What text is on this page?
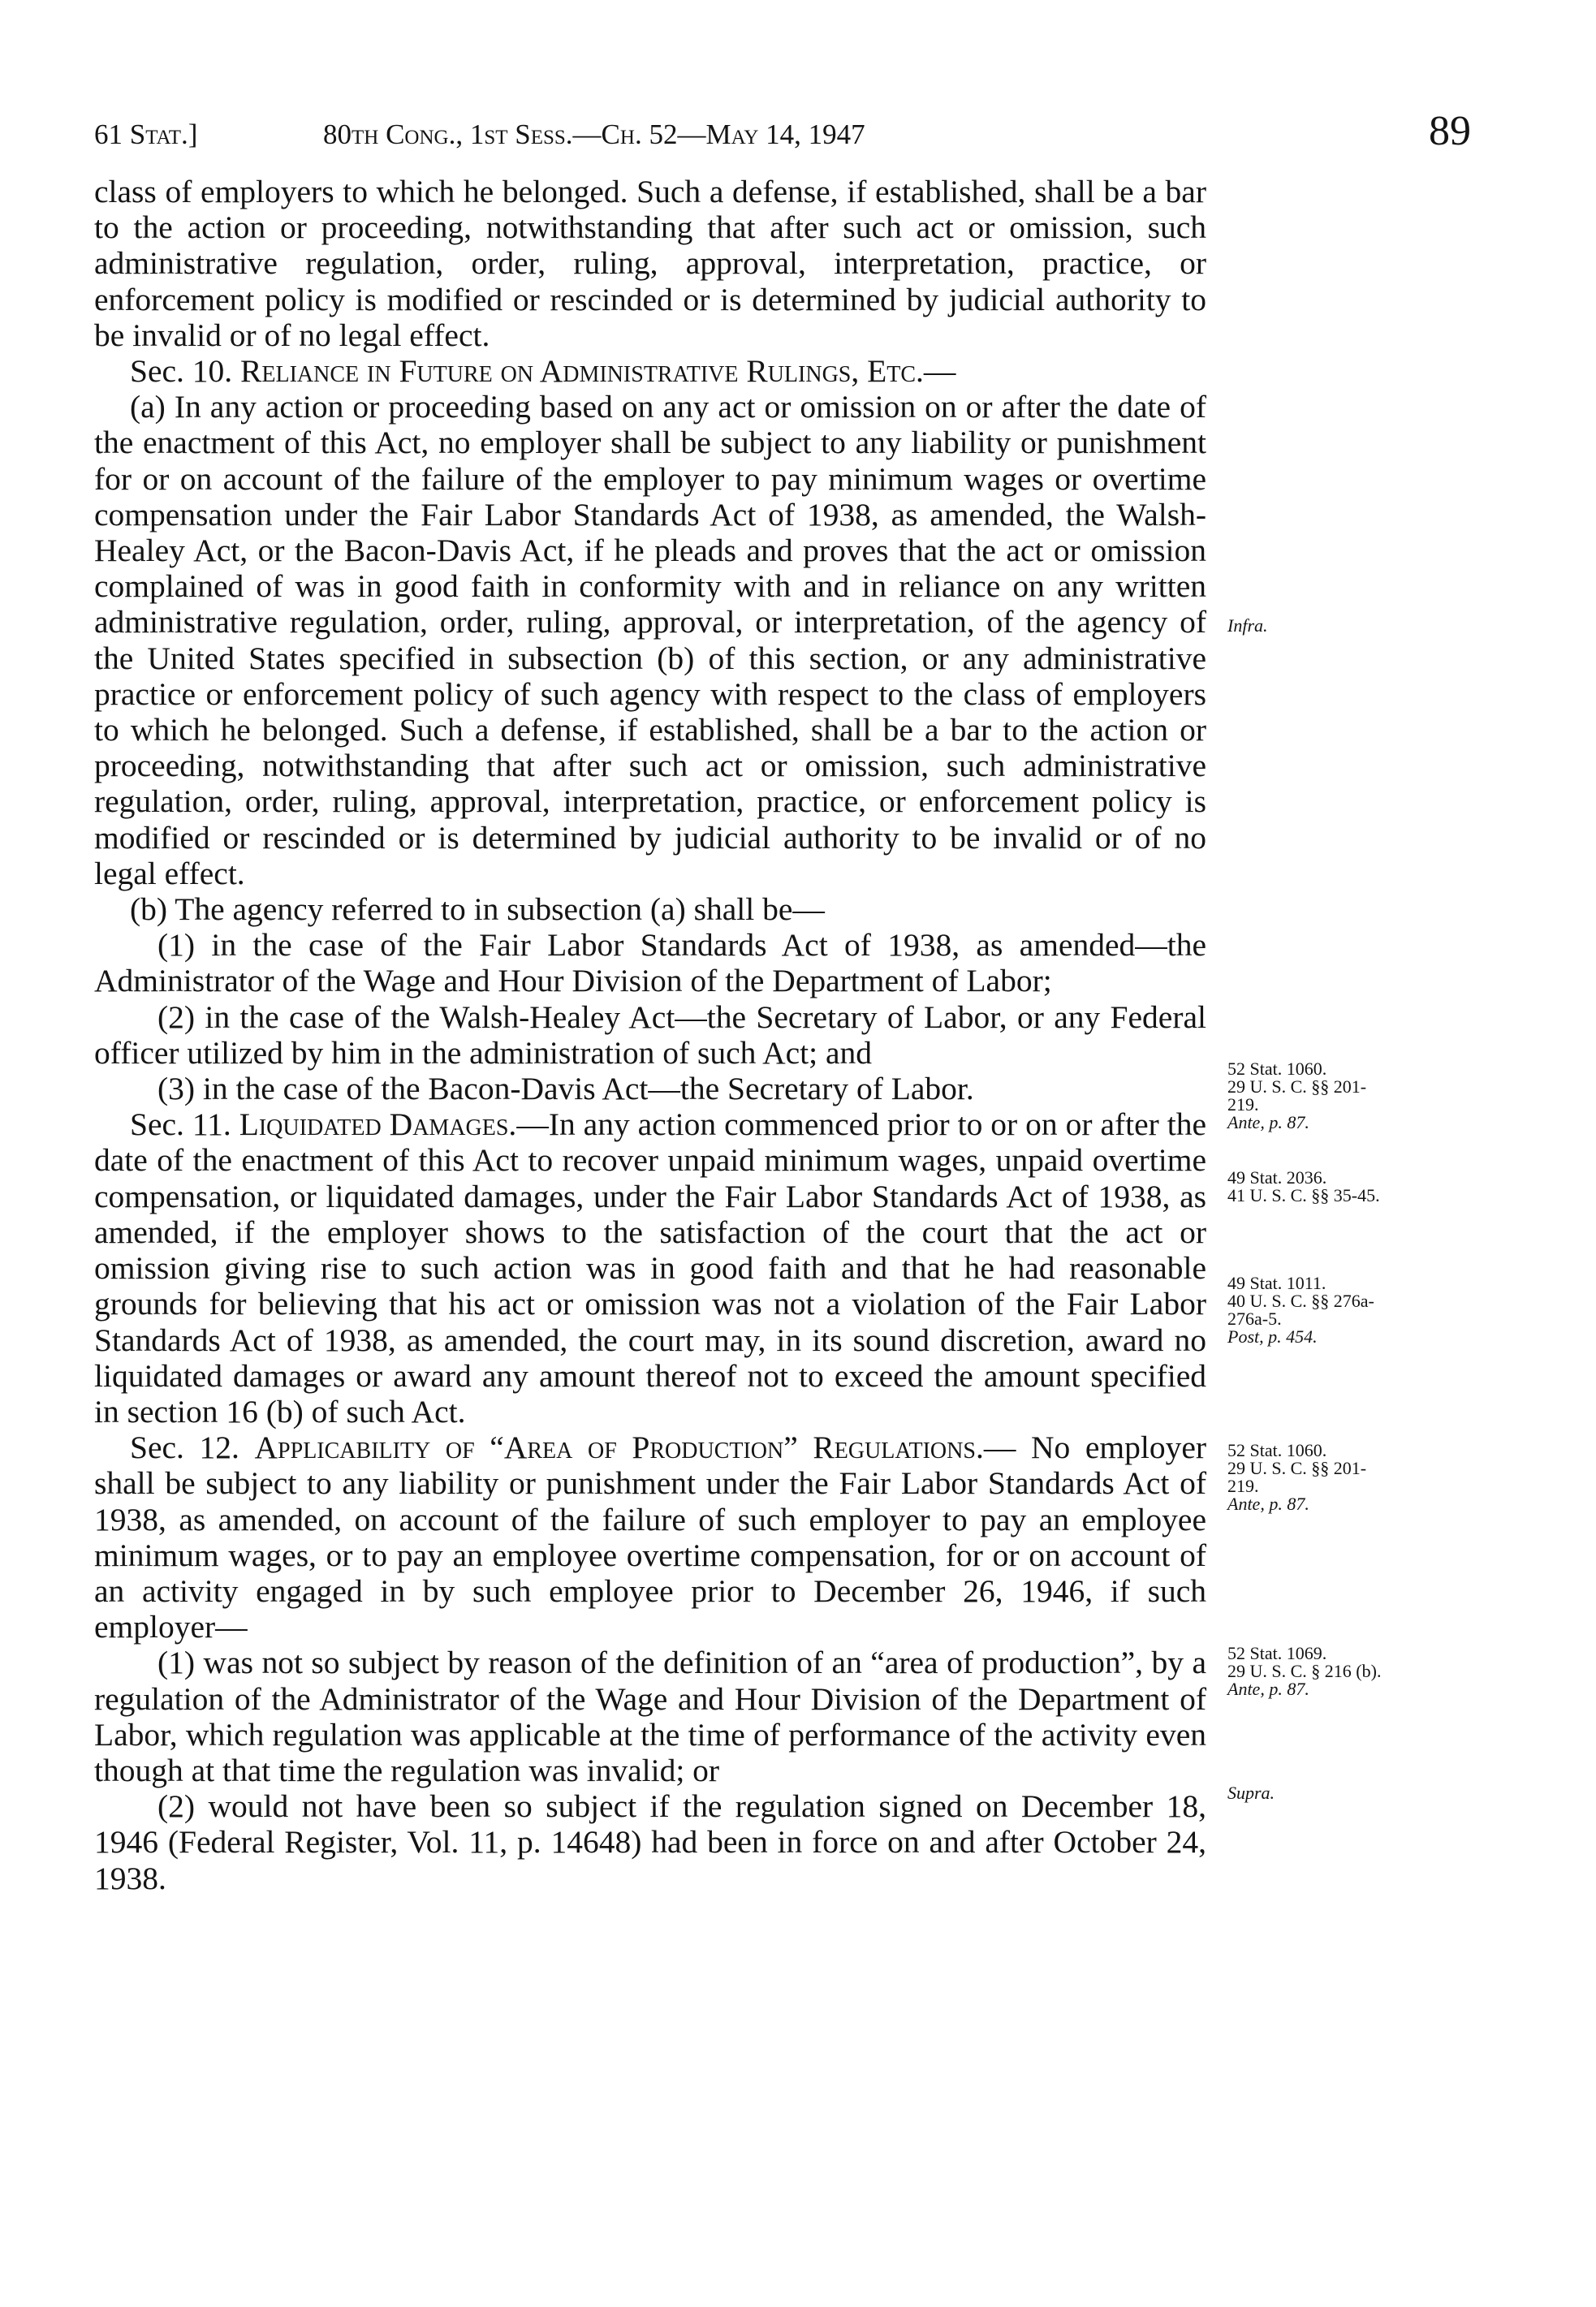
61 Stat.]	80th Cong., 1st Sess.—Ch. 52—May 14, 1947	89

class of employers to which he belonged. Such a defense, if established, shall be a bar to the action or proceeding, notwithstanding that after such act or omission, such administrative regulation, order, ruling, approval, interpretation, practice, or enforcement policy is modified or rescinded or is determined by judicial authority to be invalid or of no legal effect.

Sec. 10. Reliance in Future on Administrative Rulings, Etc.—

(a) In any action or proceeding based on any act or omission on or after the date of the enactment of this Act, no employer shall be subject to any liability or punishment for or on account of the failure of the employer to pay minimum wages or overtime compensation under the Fair Labor Standards Act of 1938, as amended, the Walsh-Healey Act, or the Bacon-Davis Act, if he pleads and proves that the act or omission complained of was in good faith in conformity with and in reliance on any written administrative regulation, order, ruling, approval, or interpretation, of the agency of the United States specified in subsection (b) of this section, or any administrative practice or enforcement policy of such agency with respect to the class of employers to which he belonged. Such a defense, if established, shall be a bar to the action or proceeding, notwithstanding that after such act or omission, such administrative regulation, order, ruling, approval, interpretation, practice, or enforcement policy is modified or rescinded or is determined by judicial authority to be invalid or of no legal effect.

(b) The agency referred to in subsection (a) shall be—

(1) in the case of the Fair Labor Standards Act of 1938, as amended—the Administrator of the Wage and Hour Division of the Department of Labor;

(2) in the case of the Walsh-Healey Act—the Secretary of Labor, or any Federal officer utilized by him in the administration of such Act; and

(3) in the case of the Bacon-Davis Act—the Secretary of Labor.

Sec. 11. Liquidated Damages.—In any action commenced prior to or on or after the date of the enactment of this Act to recover unpaid minimum wages, unpaid overtime compensation, or liquidated damages, under the Fair Labor Standards Act of 1938, as amended, if the employer shows to the satisfaction of the court that the act or omission giving rise to such action was in good faith and that he had reasonable grounds for believing that his act or omission was not a violation of the Fair Labor Standards Act of 1938, as amended, the court may, in its sound discretion, award no liquidated damages or award any amount thereof not to exceed the amount specified in section 16 (b) of such Act.

Sec. 12. Applicability of “Area of Production” Regulations.— No employer shall be subject to any liability or punishment under the Fair Labor Standards Act of 1938, as amended, on account of the failure of such employer to pay an employee minimum wages, or to pay an employee overtime compensation, for or on account of an activity engaged in by such employee prior to December 26, 1946, if such employer—

(1) was not so subject by reason of the definition of an “area of production”, by a regulation of the Administrator of the Wage and Hour Division of the Department of Labor, which regulation was applicable at the time of performance of the activity even though at that time the regulation was invalid; or

(2) would not have been so subject if the regulation signed on December 18, 1946 (Federal Register, Vol. 11, p. 14648) had been in force on and after October 24, 1938.

Infra.
52 Stat. 1060.
29 U. S. C. §§ 201-
219.
Ante, p. 87.
49 Stat. 2036.
41 U. S. C. §§ 35-45.
49 Stat. 1011.
40 U. S. C. §§ 276a-
276a-5.
Post, p. 454.
52 Stat. 1060.
29 U. S. C. §§ 201-
219.
Ante, p. 87.
52 Stat. 1069.
29 U. S. C. § 216 (b).
Ante, p. 87.
Supra.
